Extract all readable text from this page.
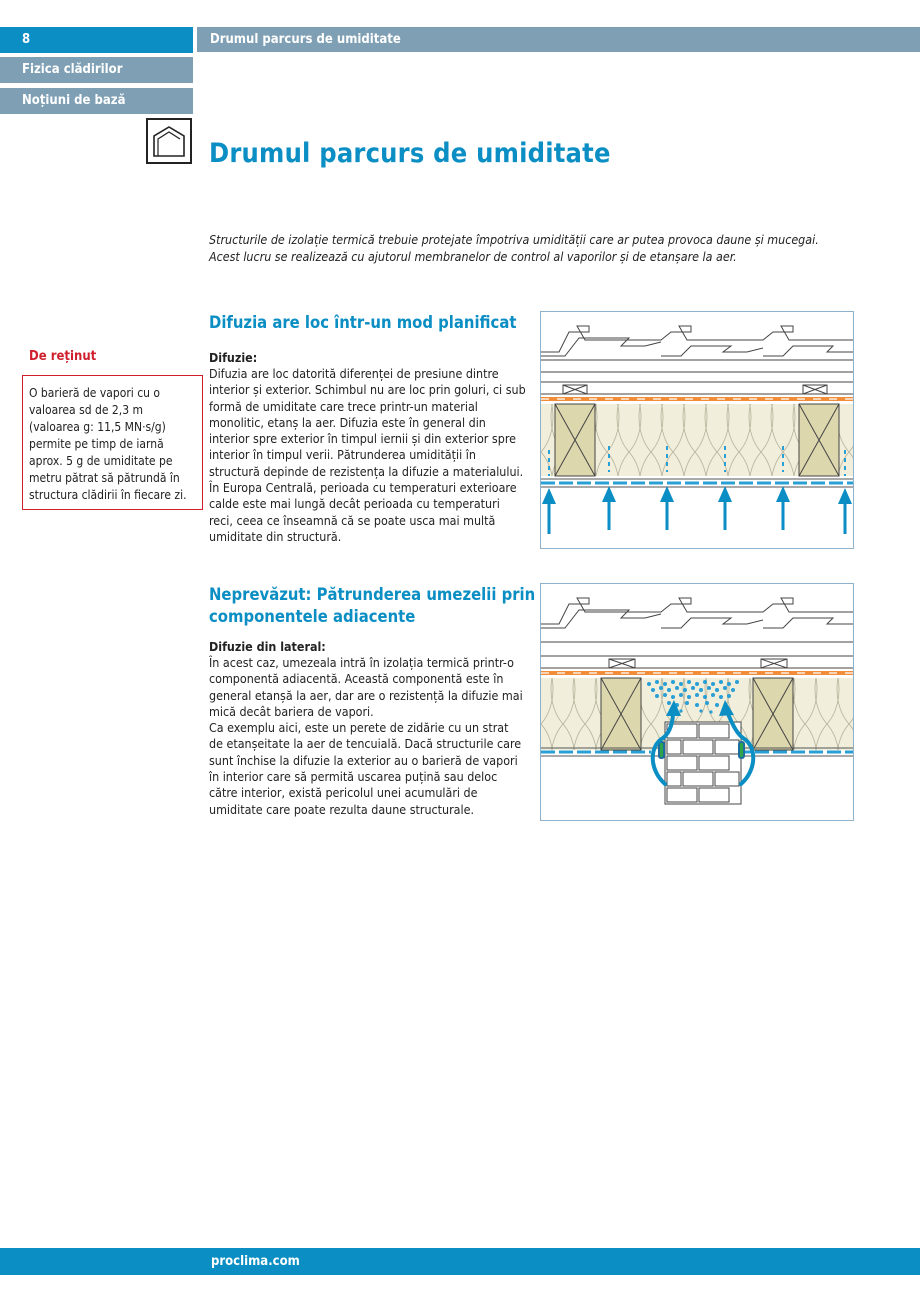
8
Fizica clădirilor
Noțiuni de bază
Drumul parcurs de umiditate
Drumul parcurs de umiditate
Structurile de izolație termică trebuie protejate împotriva umidității care ar putea provoca daune și mucegai. Acest lucru se realizează cu ajutorul membranelor de control al vaporilor și de etanșare la aer.
De reținut
O barieră de vapori cu o valoarea sd de 2,3 m (valoarea g: 11,5 MN·s/g) permite pe timp de iarnă aprox. 5 g de umiditate pe metru pătrat să pătrundă în structura clădirii în fiecare zi.
Difuzia are loc într-un mod planificat
Difuzie:
Difuzia are loc datorită diferenței de presiune dintre interior și exterior. Schimbul nu are loc prin goluri, ci sub formă de umiditate care trece printr-un material monolitic, etanș la aer. Difuzia este în general din interior spre exterior în timpul iernii și din exterior spre interior în timpul verii. Pătrunderea umidității în structură depinde de rezistența la difuzie a materialului. În Europa Centrală, perioada cu temperaturi exterioare calde este mai lungă decât perioada cu temperaturi reci, ceea ce înseamnă că se poate usca mai multă umiditate din structură.
Neprevăzut: Pătrunderea umezelii prin
componentele adiacente
Difuzie din lateral:
În acest caz, umezeala intră în izolația termică printr-o componentă adiacentă. Această componentă este în general etanșă la aer, dar are o rezistență la difuzie mai mică decât bariera de vapori.
Ca exemplu aici, este un perete de zidărie cu un strat de etanșeitate la aer de tencuială. Dacă structurile care sunt închise la difuzie la exterior au o barieră de vapori în interior care să permită uscarea puțină sau deloc către interior, există pericolul unei acumulări de umiditate care poate rezulta daune structurale.
proclima.com
